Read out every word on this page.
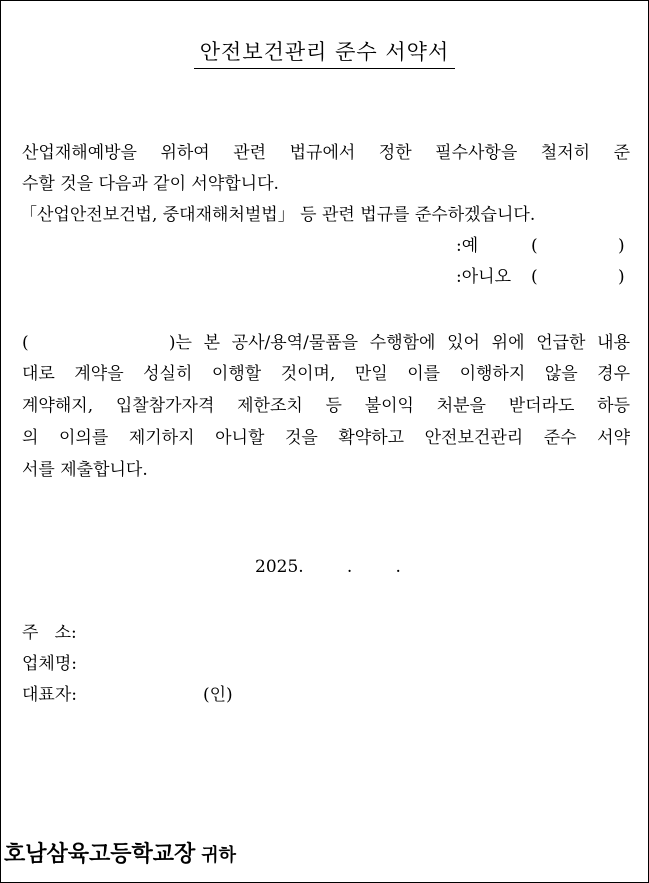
안전보건관리 준수 서약서
산업재해예방을 위하여 관련 법규에서 정한 필수사항을 철저히 준
수할 것을 다음과 같이 서약합니다.
「산업안전보건법, 중대재해처벌법」 등 관련 법규를 준수하겠습니다.
:예	(	)
:아니오 (	)
(            )는 본 공사/용역/물품을 수행함에 있어 위에 언급한 내용
대로 계약을 성실히 이행할 것이며, 만일 이를 이행하지 않을 경우
계약해지, 입찰참가자격 제한조치 등 불이익 처분을 받더라도 하등
의 이의를 제기하지 아니할 것을 확약하고 안전보건관리 준수 서약
서를 제출합니다.
2025.        .        .
주   소:
업체명:
대표자:	(인)
호남삼육고등학교장 귀하
